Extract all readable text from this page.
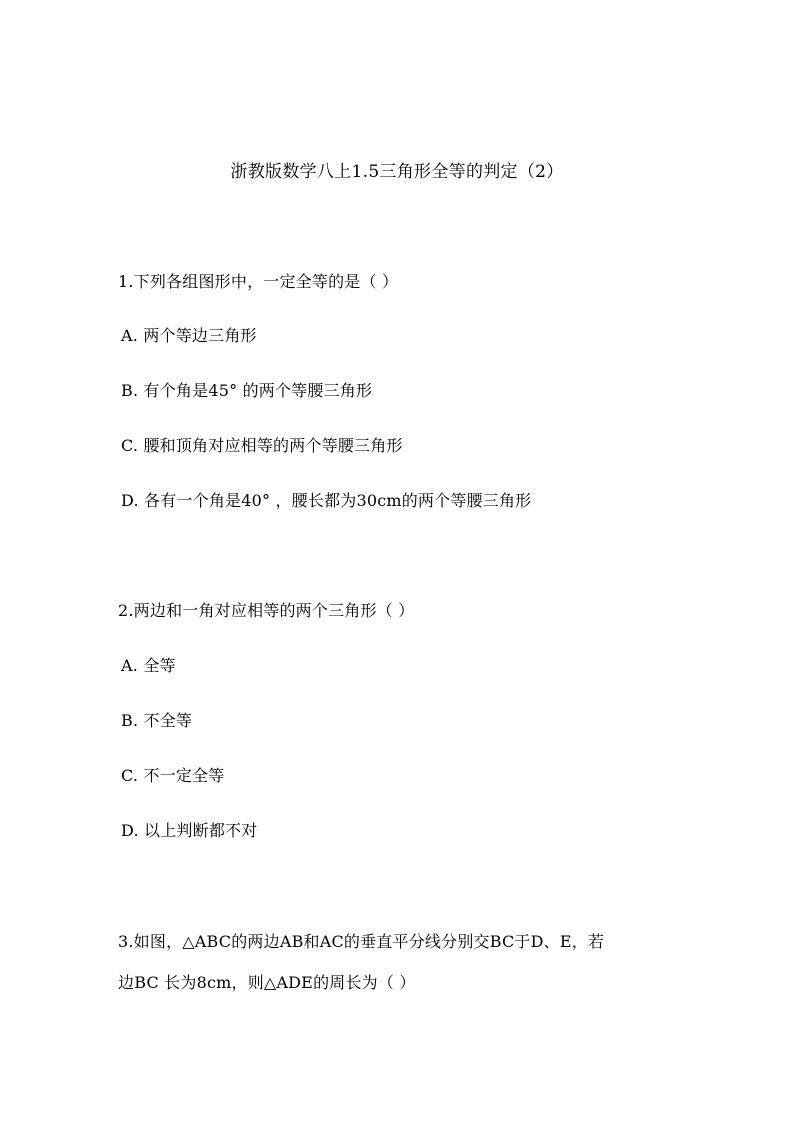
浙教版数学八上1.5三角形全等的判定（2）
1.下列各组图形中，一定全等的是（ ）
A. 两个等边三角形
B. 有个角是45° 的两个等腰三角形
C. 腰和顶角对应相等的两个等腰三角形
D. 各有一个角是40° ，腰长都为30cm的两个等腰三角形
2.两边和一角对应相等的两个三角形（ ）
A. 全等
B. 不全等
C. 不一定全等
D. 以上判断都不对
3.如图，△ABC的两边AB和AC的垂直平分线分别交BC于D、E，若
边BC 长为8cm，则△ADE的周长为（ ）
